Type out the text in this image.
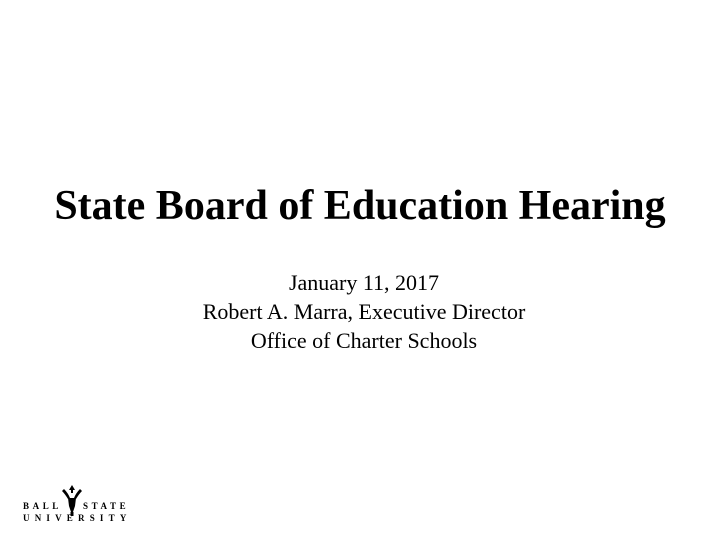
State Board of Education Hearing
January 11, 2017
Robert A. Marra, Executive Director
Office of Charter Schools
BALL STATE
UNIVERSITY
